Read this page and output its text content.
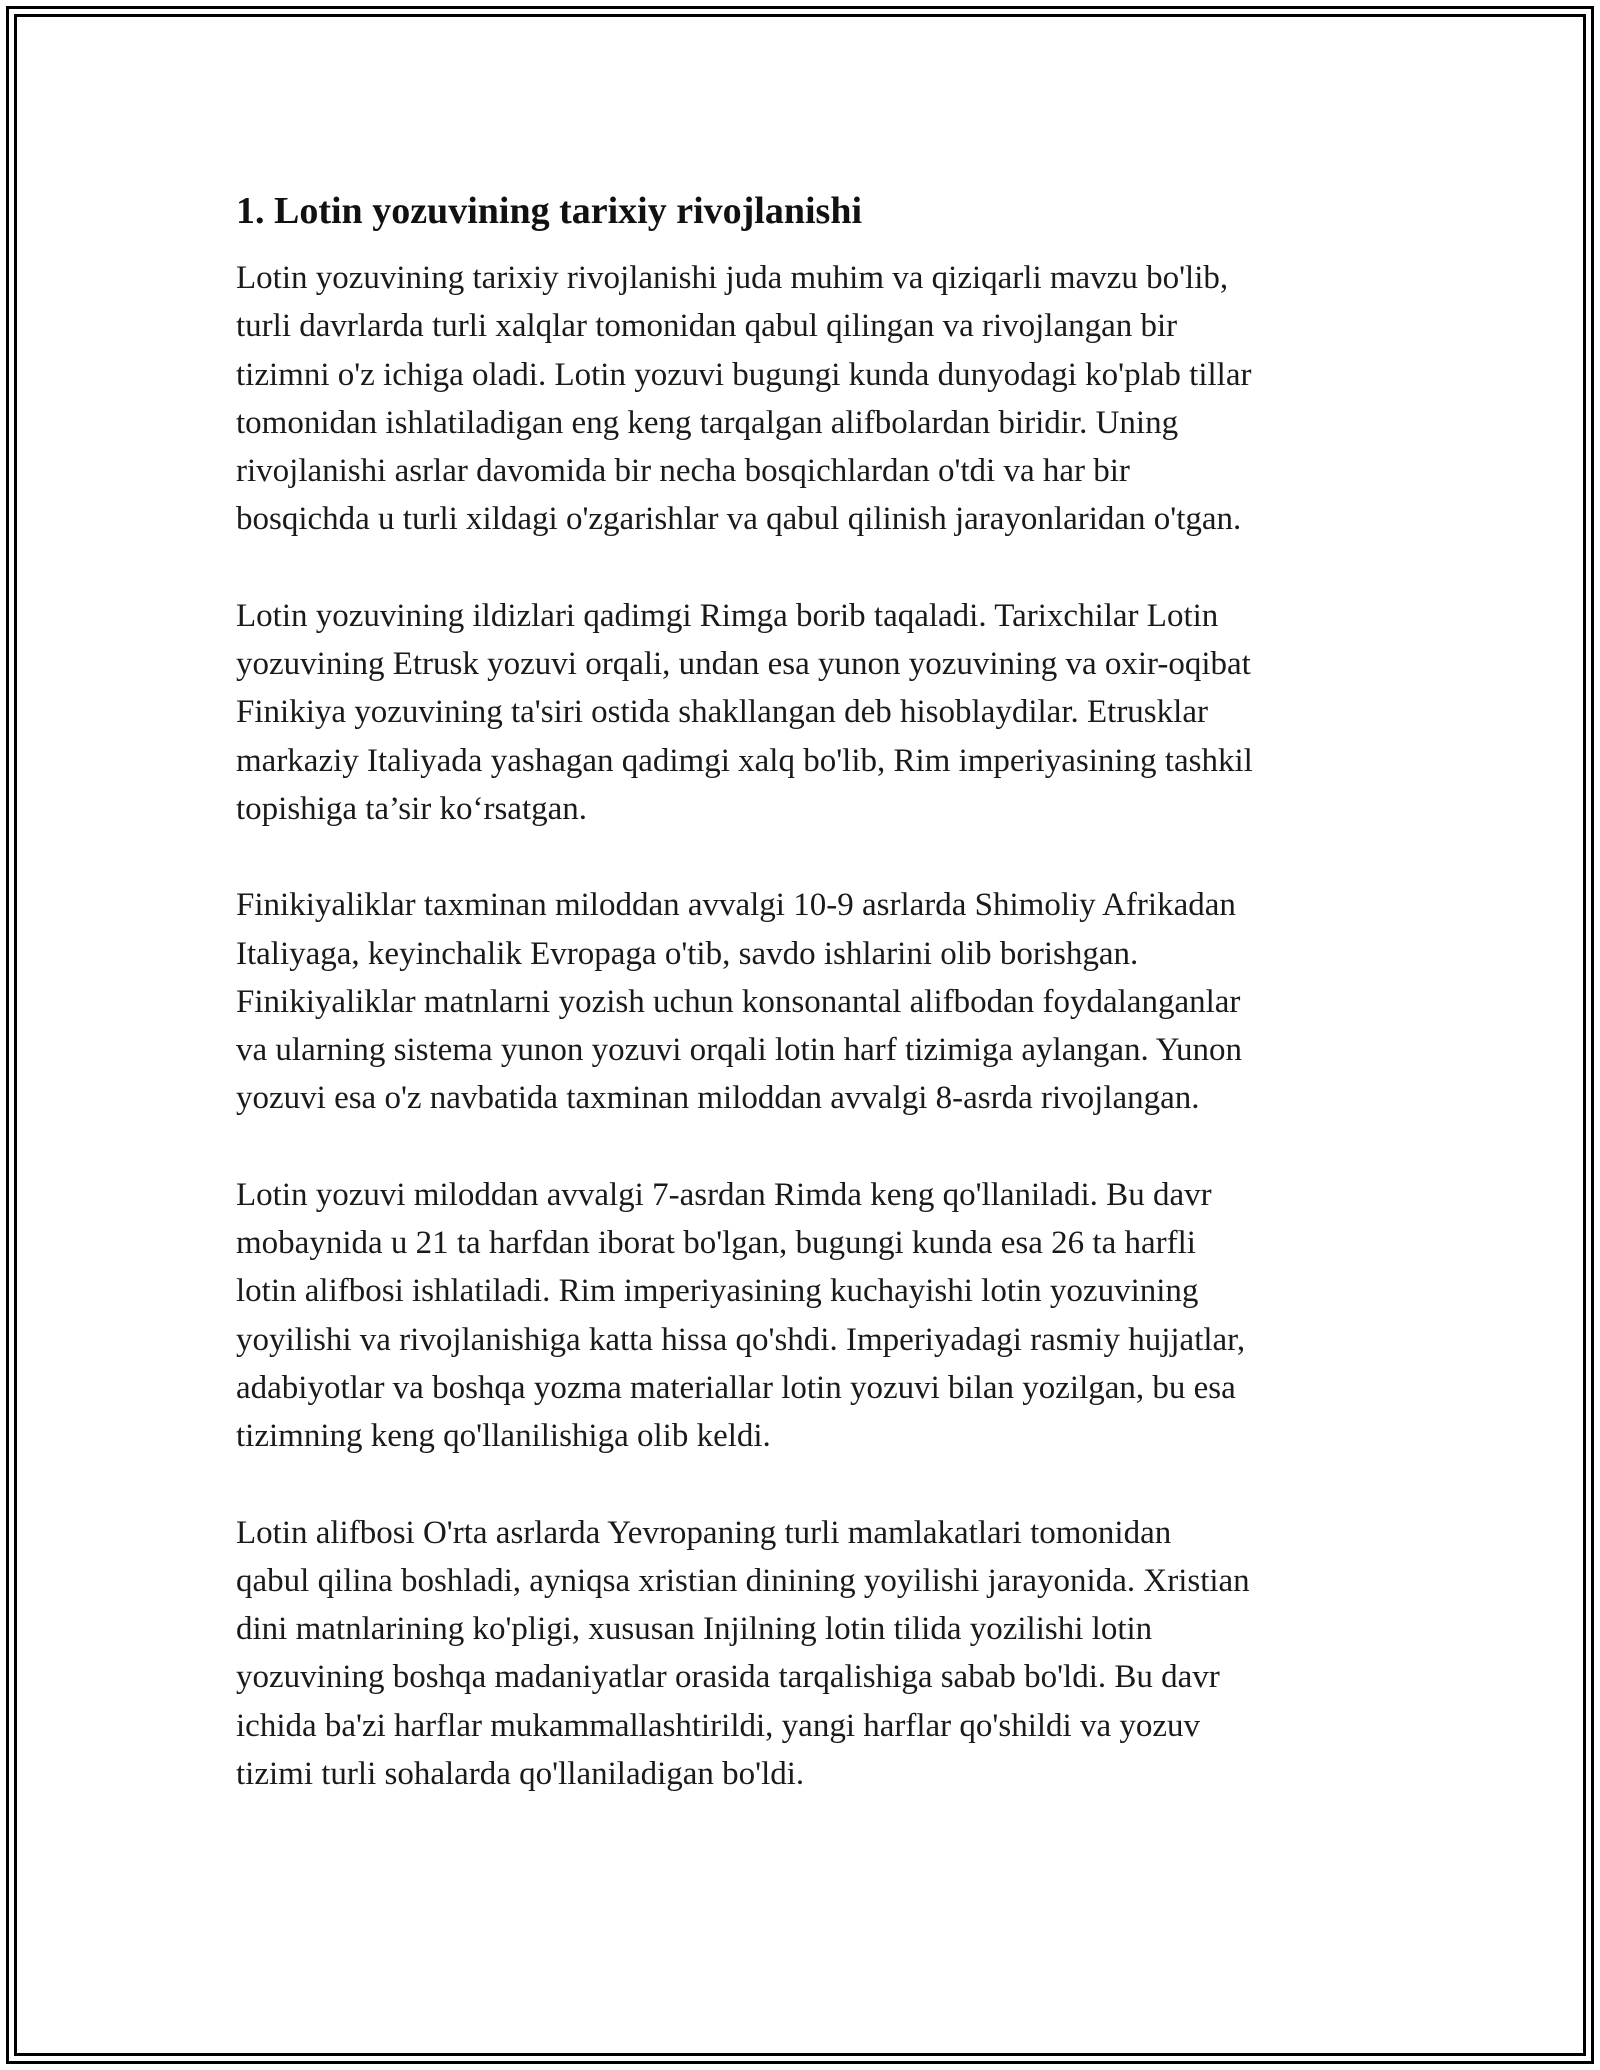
1. Lotin yozuvining tarixiy rivojlanishi

Lotin yozuvining tarixiy rivojlanishi juda muhim va qiziqarli mavzu bo'lib,
turli davrlarda turli xalqlar tomonidan qabul qilingan va rivojlangan bir
tizimni o'z ichiga oladi. Lotin yozuvi bugungi kunda dunyodagi ko'plab tillar
tomonidan ishlatiladigan eng keng tarqalgan alifbolardan biridir. Uning
rivojlanishi asrlar davomida bir necha bosqichlardan o'tdi va har bir
bosqichda u turli xildagi o'zgarishlar va qabul qilinish jarayonlaridan o'tgan.

Lotin yozuvining ildizlari qadimgi Rimga borib taqaladi. Tarixchilar Lotin
yozuvining Etrusk yozuvi orqali, undan esa yunon yozuvining va oxir-oqibat
Finikiya yozuvining ta'siri ostida shakllangan deb hisoblaydilar. Etrusklar
markaziy Italiyada yashagan qadimgi xalq bo'lib, Rim imperiyasining tashkil
topishiga ta’sir ko‘rsatgan.

Finikiyaliklar taxminan miloddan avvalgi 10-9 asrlarda Shimoliy Afrikadan
Italiyaga, keyinchalik Evropaga o'tib, savdo ishlarini olib borishgan.
Finikiyaliklar matnlarni yozish uchun konsonantal alifbodan foydalanganlar
va ularning sistema yunon yozuvi orqali lotin harf tizimiga aylangan. Yunon
yozuvi esa o'z navbatida taxminan miloddan avvalgi 8-asrda rivojlangan.

Lotin yozuvi miloddan avvalgi 7-asrdan Rimda keng qo'llaniladi. Bu davr
mobaynida u 21 ta harfdan iborat bo'lgan, bugungi kunda esa 26 ta harfli
lotin alifbosi ishlatiladi. Rim imperiyasining kuchayishi lotin yozuvining
yoyilishi va rivojlanishiga katta hissa qo'shdi. Imperiyadagi rasmiy hujjatlar,
adabiyotlar va boshqa yozma materiallar lotin yozuvi bilan yozilgan, bu esa
tizimning keng qo'llanilishiga olib keldi.

Lotin alifbosi O'rta asrlarda Yevropaning turli mamlakatlari tomonidan
qabul qilina boshladi, ayniqsa xristian dinining yoyilishi jarayonida. Xristian
dini matnlarining ko'pligi, xususan Injilning lotin tilida yozilishi lotin
yozuvining boshqa madaniyatlar orasida tarqalishiga sabab bo'ldi. Bu davr
ichida ba'zi harflar mukammallashtirildi, yangi harflar qo'shildi va yozuv
tizimi turli sohalarda qo'llaniladigan bo'ldi.
